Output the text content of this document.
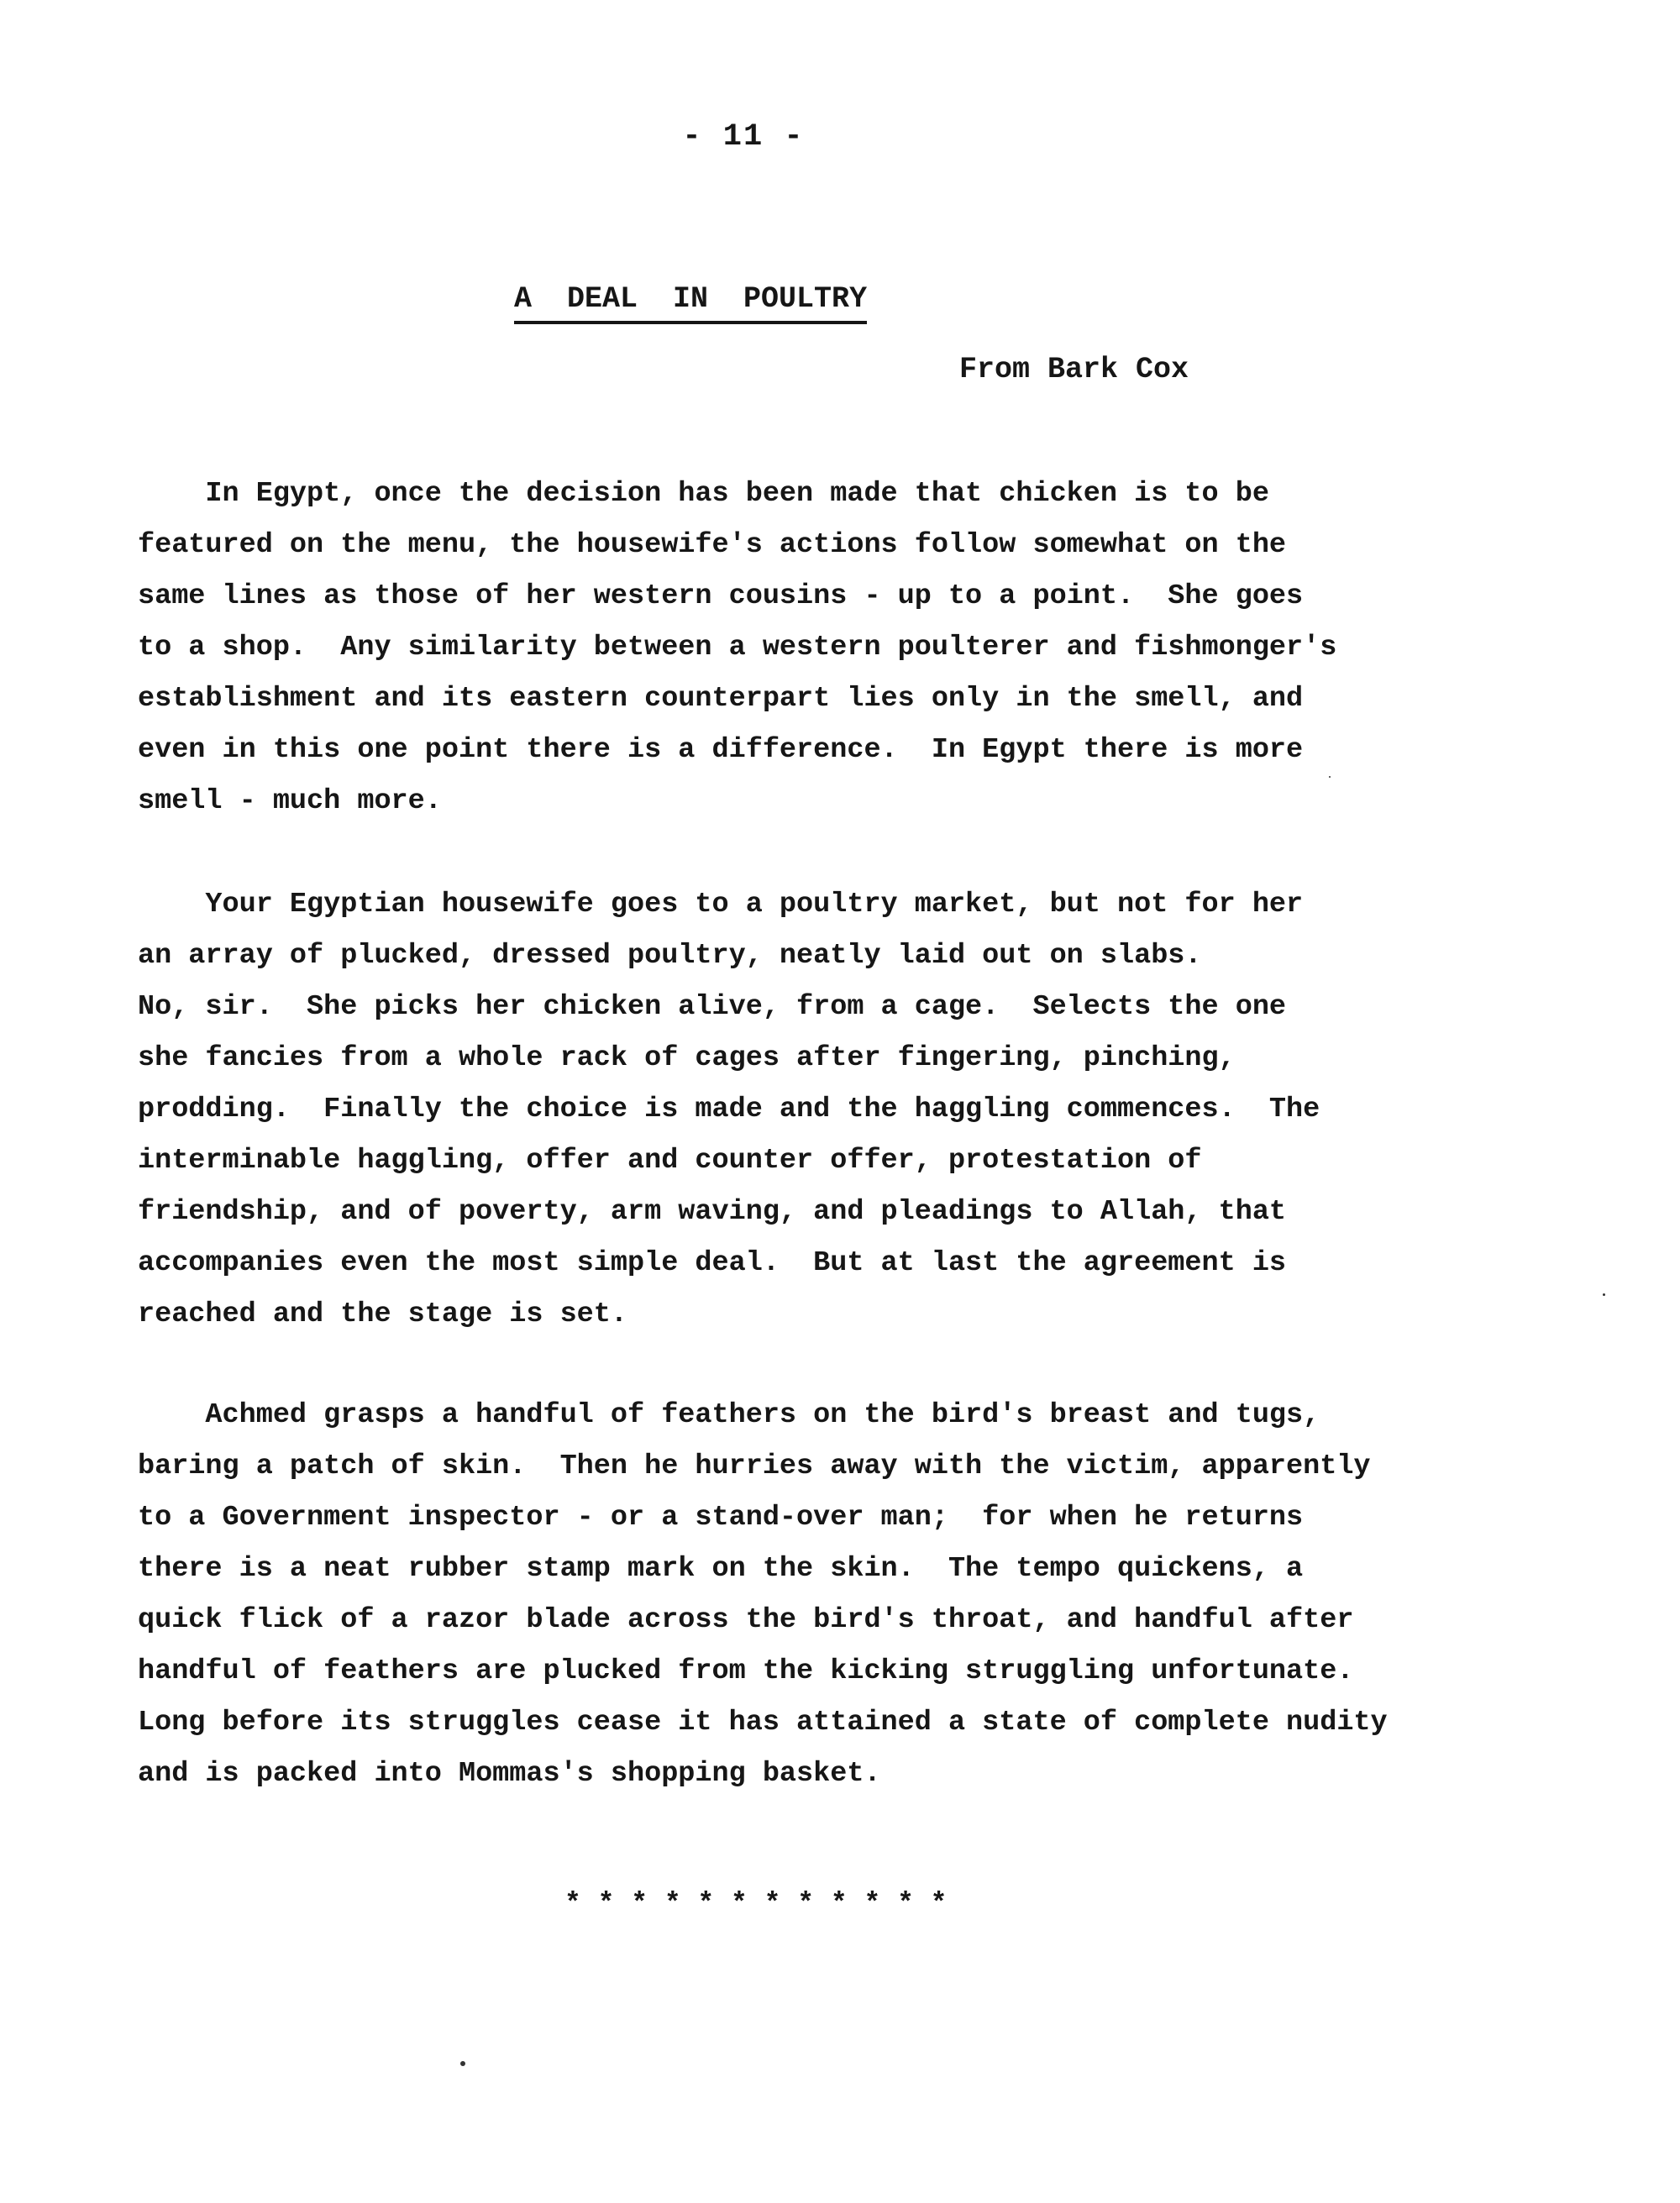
- 11 -
A  DEAL  IN  POULTRY
From Bark Cox
In Egypt, once the decision has been made that chicken is to be
featured on the menu, the housewife's actions follow somewhat on the
same lines as those of her western cousins - up to a point.  She goes
to a shop.  Any similarity between a western poulterer and fishmonger's
establishment and its eastern counterpart lies only in the smell, and
even in this one point there is a difference.  In Egypt there is more
smell - much more.
Your Egyptian housewife goes to a poultry market, but not for her
an array of plucked, dressed poultry, neatly laid out on slabs.
No, sir.  She picks her chicken alive, from a cage.  Selects the one
she fancies from a whole rack of cages after fingering, pinching,
prodding.  Finally the choice is made and the haggling commences.  The
interminable haggling, offer and counter offer, protestation of
friendship, and of poverty, arm waving, and pleadings to Allah, that
accompanies even the most simple deal.  But at last the agreement is
reached and the stage is set.
Achmed grasps a handful of feathers on the bird's breast and tugs,
baring a patch of skin.  Then he hurries away with the victim, apparently
to a Government inspector - or a stand-over man;  for when he returns
there is a neat rubber stamp mark on the skin.  The tempo quickens, a
quick flick of a razor blade across the bird's throat, and handful after
handful of feathers are plucked from the kicking struggling unfortunate.
Long before its struggles cease it has attained a state of complete nudity
and is packed into Mommas's shopping basket.
* * * * * * * * * * * *
